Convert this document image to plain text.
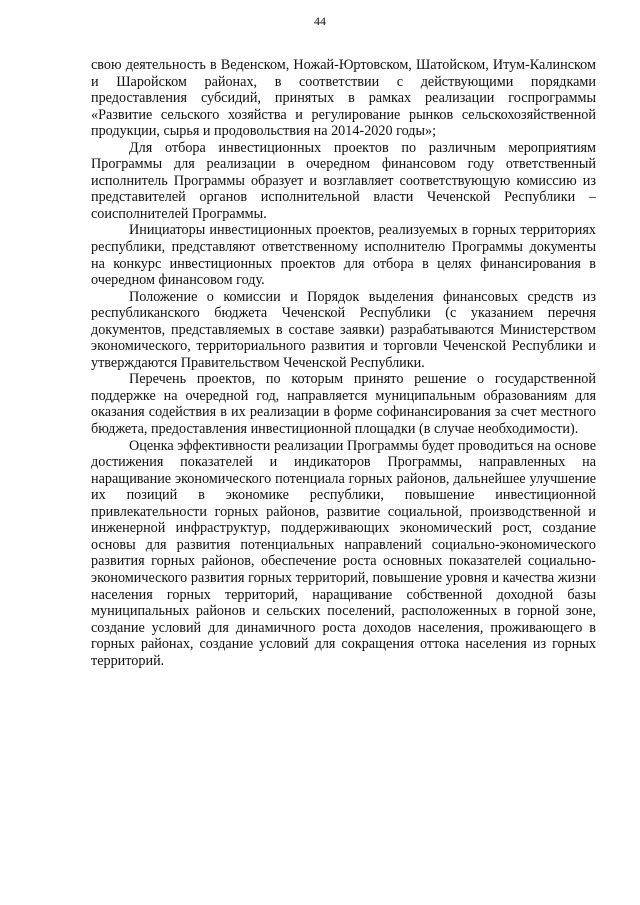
44

свою деятельность в Веденском, Ножай-Юртовском, Шатойском, Итум-Калинском и Шаройском районах, в соответствии с действующими порядками предоставления субсидий, принятых в рамках реализации госпрограммы «Развитие сельского хозяйства и регулирование рынков сельскохозяйственной продукции, сырья и продовольствия на 2014-2020 годы»;

Для отбора инвестиционных проектов по различным мероприятиям Программы для реализации в очередном финансовом году ответственный исполнитель Программы образует и возглавляет соответствующую комиссию из представителей органов исполнительной власти Чеченской Республики – соисполнителей Программы.

Инициаторы инвестиционных проектов, реализуемых в горных территориях республики, представляют ответственному исполнителю Программы документы на конкурс инвестиционных проектов для отбора в целях финансирования в очередном финансовом году.

Положение о комиссии и Порядок выделения финансовых средств из республиканского бюджета Чеченской Республики (с указанием перечня документов, представляемых в составе заявки) разрабатываются Министерством экономического, территориального развития и торговли Чеченской Республики и утверждаются Правительством Чеченской Республики.

Перечень проектов, по которым принято решение о государственной поддержке на очередной год, направляется муниципальным образованиям для оказания содействия в их реализации в форме софинансирования за счет местного бюджета, предоставления инвестиционной площадки (в случае необходимости).

Оценка эффективности реализации Программы будет проводиться на основе достижения показателей и индикаторов Программы, направленных на наращивание экономического потенциала горных районов, дальнейшее улучшение их позиций в экономике республики, повышение инвестиционной привлекательности горных районов, развитие социальной, производственной и инженерной инфраструктур, поддерживающих экономический рост, создание основы для развития потенциальных направлений социально-экономического развития горных районов, обеспечение роста основных показателей социально-экономического развития горных территорий, повышение уровня и качества жизни населения горных территорий, наращивание собственной доходной базы муниципальных районов и сельских поселений, расположенных в горной зоне, создание условий для динамичного роста доходов населения, проживающего в горных районах, создание условий для сокращения оттока населения из горных территорий.
